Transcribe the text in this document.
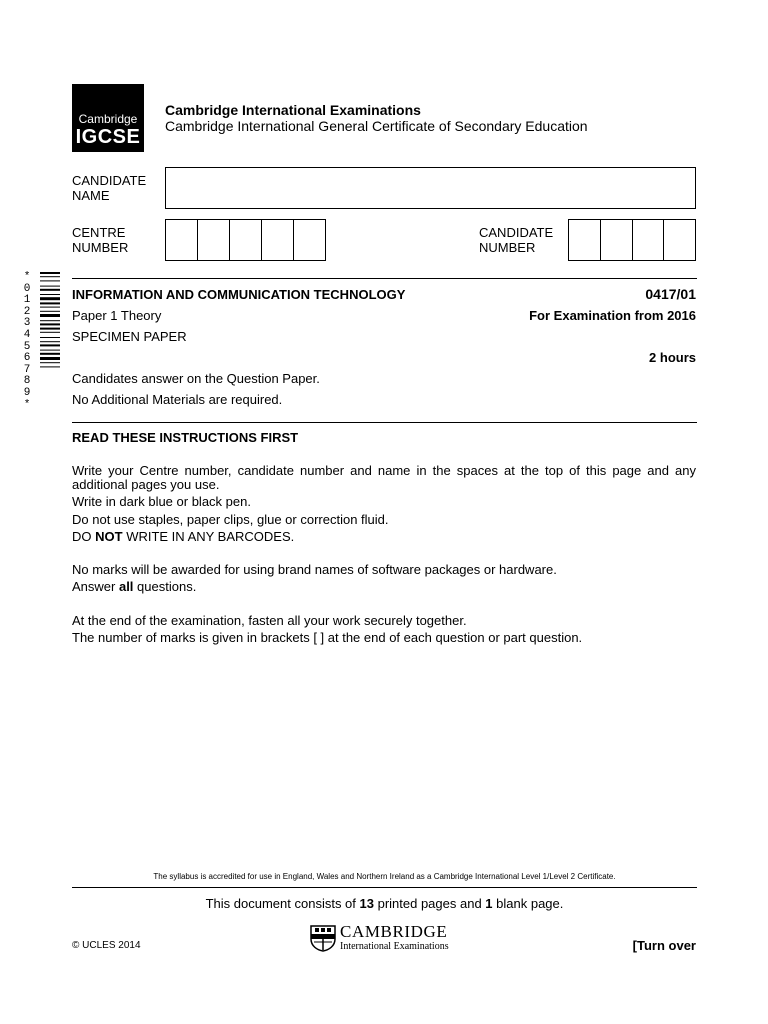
Cambridge
IGCSE
Cambridge International Examinations
Cambridge International General Certificate of Secondary Education
CANDIDATE
NAME
CENTRE
NUMBER
CANDIDATE
NUMBER
*
0
1
2
3
4
5
6
7
8
9
*
INFORMATION AND COMMUNICATION TECHNOLOGY	0417/01
Paper 1 Theory	For Examination from 2016
SPECIMEN PAPER
2 hours
Candidates answer on the Question Paper.
No Additional Materials are required.
READ THESE INSTRUCTIONS FIRST
Write your Centre number, candidate number and name in the spaces at the top of this page and any additional pages you use.
Write in dark blue or black pen.
Do not use staples, paper clips, glue or correction fluid.
DO NOT WRITE IN ANY BARCODES.
No marks will be awarded for using brand names of software packages or hardware.
Answer all questions.
At the end of the examination, fasten all your work securely together.
The number of marks is given in brackets [ ] at the end of each question or part question.
The syllabus is accredited for use in England, Wales and Northern Ireland as a Cambridge International Level 1/Level 2 Certificate.
This document consists of 13 printed pages and 1 blank page.
© UCLES 2014
CAMBRIDGE
International Examinations	[Turn over
